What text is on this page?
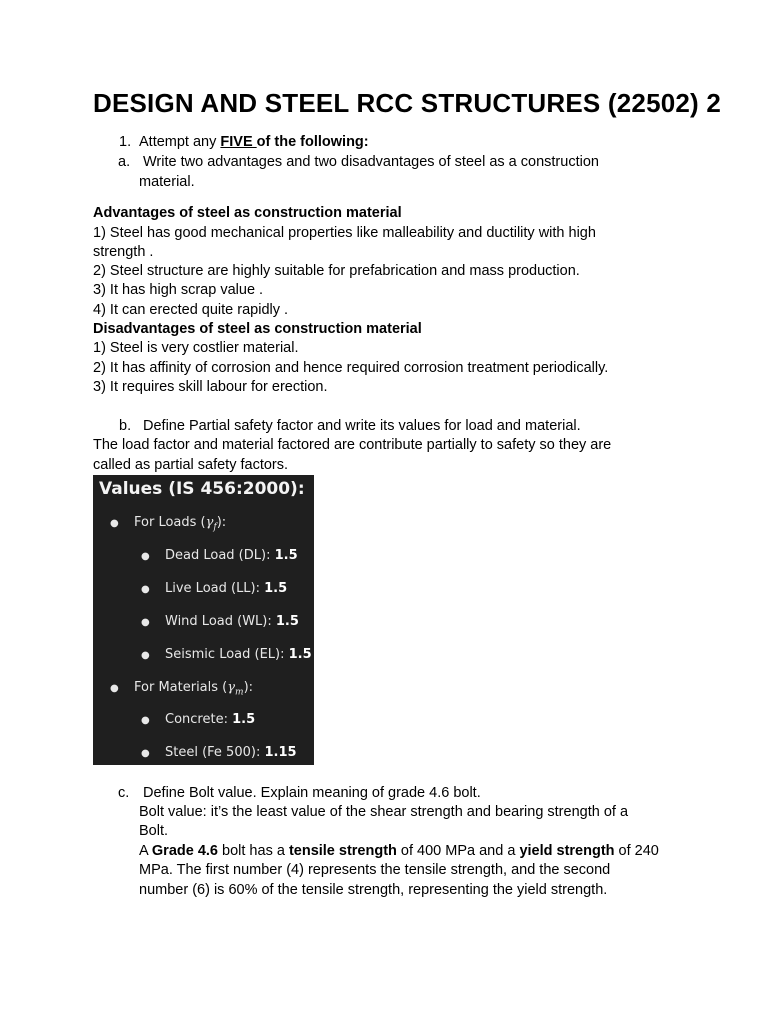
DESIGN AND STEEL RCC STRUCTURES (22502) 2
1. Attempt any FIVE of the following:
a. Write two advantages and two disadvantages of steel as a construction
material.
Advantages of steel as construction material
1) Steel has good mechanical properties like malleability and ductility with high
strength .
2) Steel structure are highly suitable for prefabrication and mass production.
3) It has high scrap value .
4) It can erected quite rapidly .
Disadvantages of steel as construction material
1) Steel is very costlier material.
2) It has affinity of corrosion and hence required corrosion treatment periodically.
3) It requires skill labour for erection.
b. Define Partial safety factor and write its values for load and material.
The load factor and material factored are contribute partially to safety so they are
called as partial safety factors.
Values (IS 456:2000):
● For Loads $(\gamma_f)$:
● Dead Load (DL): 1.5
● Live Load (LL): 1.5
● Wind Load (WL): 1.5
● Seismic Load (EL): 1.5
● For Materials $(\gamma_m)$:
● Concrete: 1.5
● Steel (Fe 500): 1.15
c. Define Bolt value. Explain meaning of grade 4.6 bolt.
Bolt value: it’s the least value of the shear strength and bearing strength of a
Bolt.
A Grade 4.6 bolt has a tensile strength of 400 MPa and a yield strength of 240
MPa. The first number (4) represents the tensile strength, and the second
number (6) is 60% of the tensile strength, representing the yield strength.
